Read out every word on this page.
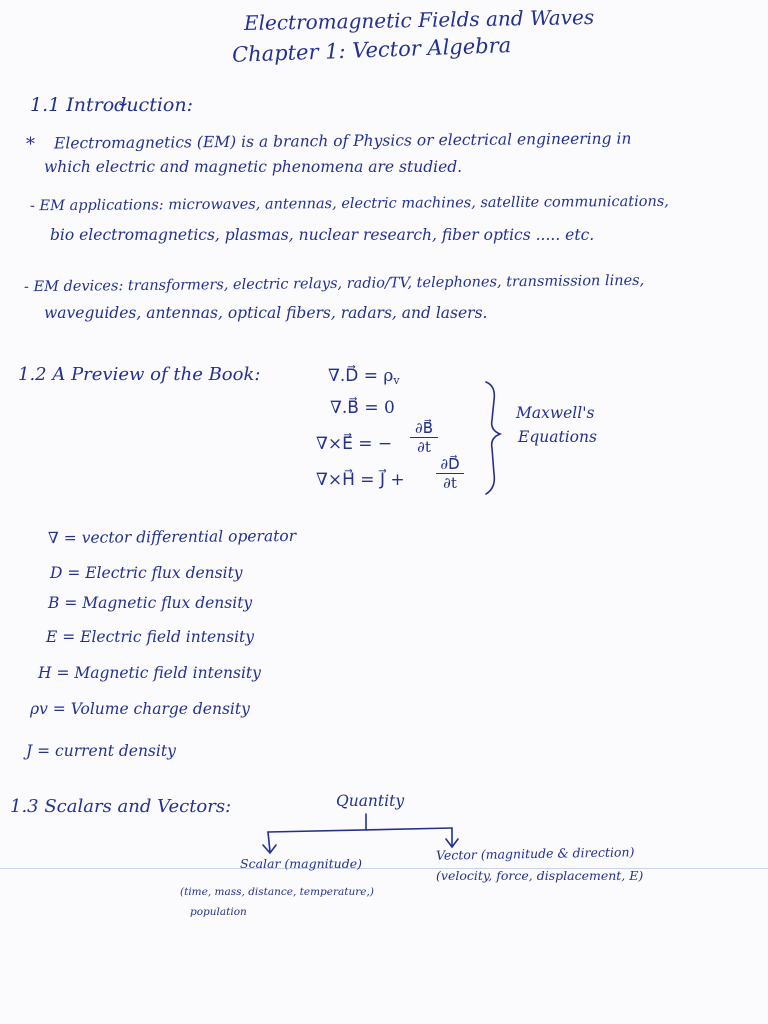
Electromagnetic Fields and Waves
Chapter 1: Vector Algebra
1.1 Introduction:
* Electromagnetics (EM) is a branch of Physics or electrical engineering in
which electric and magnetic phenomena are studied.
- EM applications: microwaves, antennas, electric machines, satellite communications,
bio electromagnetics, plasmas, nuclear research, fiber optics ..... etc.
- EM devices: transformers, electric relays, radio/TV, telephones, transmission lines,
waveguides, antennas, optical fibers, radars, and lasers.
1.2 A Preview of the Book:	∇.D⃗ = $\rho_v$
∇.B⃗ = 0
∇×E⃗ = −
∂B⃗
∂t
∇×H⃗ = J⃗ +
∂D⃗
∂t
Maxwell's
Equations
∇ = vector differential operator
D = Electric flux density
B = Magnetic flux density
E = Electric field intensity
H = Magnetic field intensity
ρv = Volume charge density
J = current density
1.3 Scalars and Vectors:	Quantity
Scalar (magnitude)
(time, mass, distance, temperature,)
population
Vector (magnitude & direction)
(velocity, force, displacement, E)
